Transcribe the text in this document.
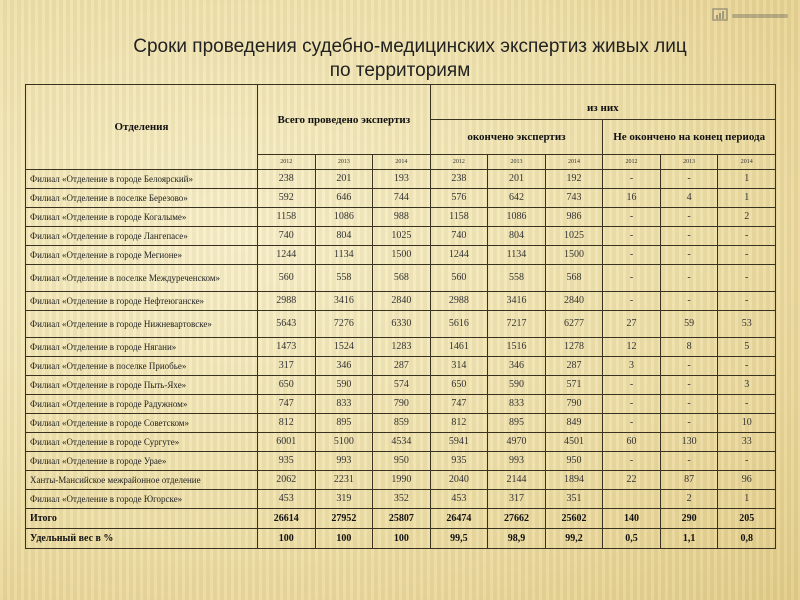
Сроки проведения судебно-медицинских экспертиз живых лиц
по территориям
Отделения	Всего проведено экспертиз			из них					
				окончено экспертиз			Не окончено на конец периода		
	2012	2013	2014	2012	2013	2014	2012	2013	2014
Филиал «Отделение в городе Белоярский»	238	201	193	238	201	192	-	-	1
Филиал «Отделение в поселке Березово»	592	646	744	576	642	743	16	4	1
Филиал «Отделение в городе Когалыме»	1158	1086	988	1158	1086	986	-	-	2
Филиал «Отделение в городе Лангепасе»	740	804	1025	740	804	1025	-	-	-
Филиал «Отделение в городе Мегионе»	1244	1134	1500	1244	1134	1500	-	-	-
Филиал «Отделение в поселке Междуреченском»	560	558	568	560	558	568	-	-	-
Филиал «Отделение в городе Нефтеюганске»	2988	3416	2840	2988	3416	2840	-	-	-
Филиал «Отделение в городе Нижневартовске»	5643	7276	6330	5616	7217	6277	27	59	53
Филиал «Отделение в городе Нягани»	1473	1524	1283	1461	1516	1278	12	8	5
Филиал «Отделение в поселке Приобье»	317	346	287	314	346	287	3	-	-
Филиал «Отделение в городе Пыть-Яхе»	650	590	574	650	590	571	-	-	3
Филиал «Отделение в городе Радужном»	747	833	790	747	833	790	-	-	-
Филиал «Отделение в городе Советском»	812	895	859	812	895	849	-	-	10
Филиал «Отделение в городе Сургуте»	6001	5100	4534	5941	4970	4501	60	130	33
Филиал «Отделение в городе Урае»	935	993	950	935	993	950	-	-	-
Ханты-Мансийское межрайонное отделение	2062	2231	1990	2040	2144	1894	22	87	96
Филиал «Отделение в городе Югорске»	453	319	352	453	317	351		2	1
Итого	26614	27952	25807	26474	27662	25602	140	290	205
Удельный вес в %	100	100	100	99,5	98,9	99,2	0,5	1,1	0,8
